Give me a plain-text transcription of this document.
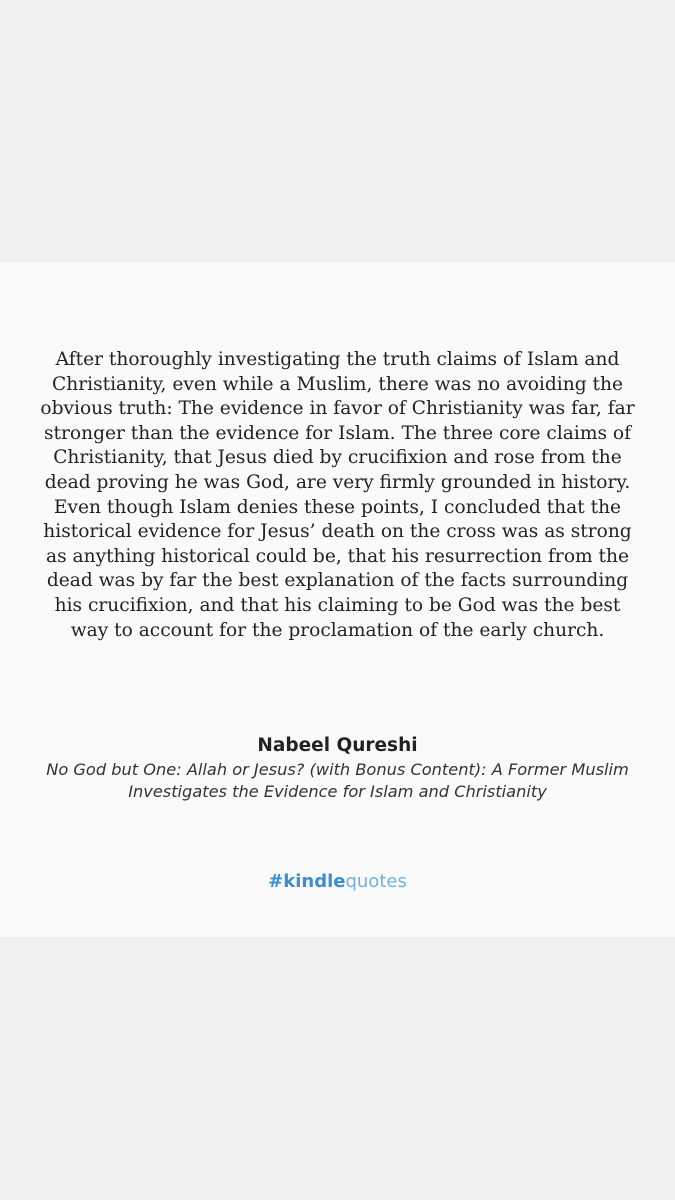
After thoroughly investigating the truth claims of Islam and Christianity, even while a Muslim, there was no avoiding the obvious truth: The evidence in favor of Christianity was far, far stronger than the evidence for Islam. The three core claims of Christianity, that Jesus died by crucifixion and rose from the dead proving he was God, are very firmly grounded in history. Even though Islam denies these points, I concluded that the historical evidence for Jesus’ death on the cross was as strong as anything historical could be, that his resurrection from the dead was by far the best explanation of the facts surrounding his crucifixion, and that his claiming to be God was the best way to account for the proclamation of the early church.

Nabeel Qureshi
No God but One: Allah or Jesus? (with Bonus Content): A Former Muslim Investigates the Evidence for Islam and Christianity
#kindlequotes
